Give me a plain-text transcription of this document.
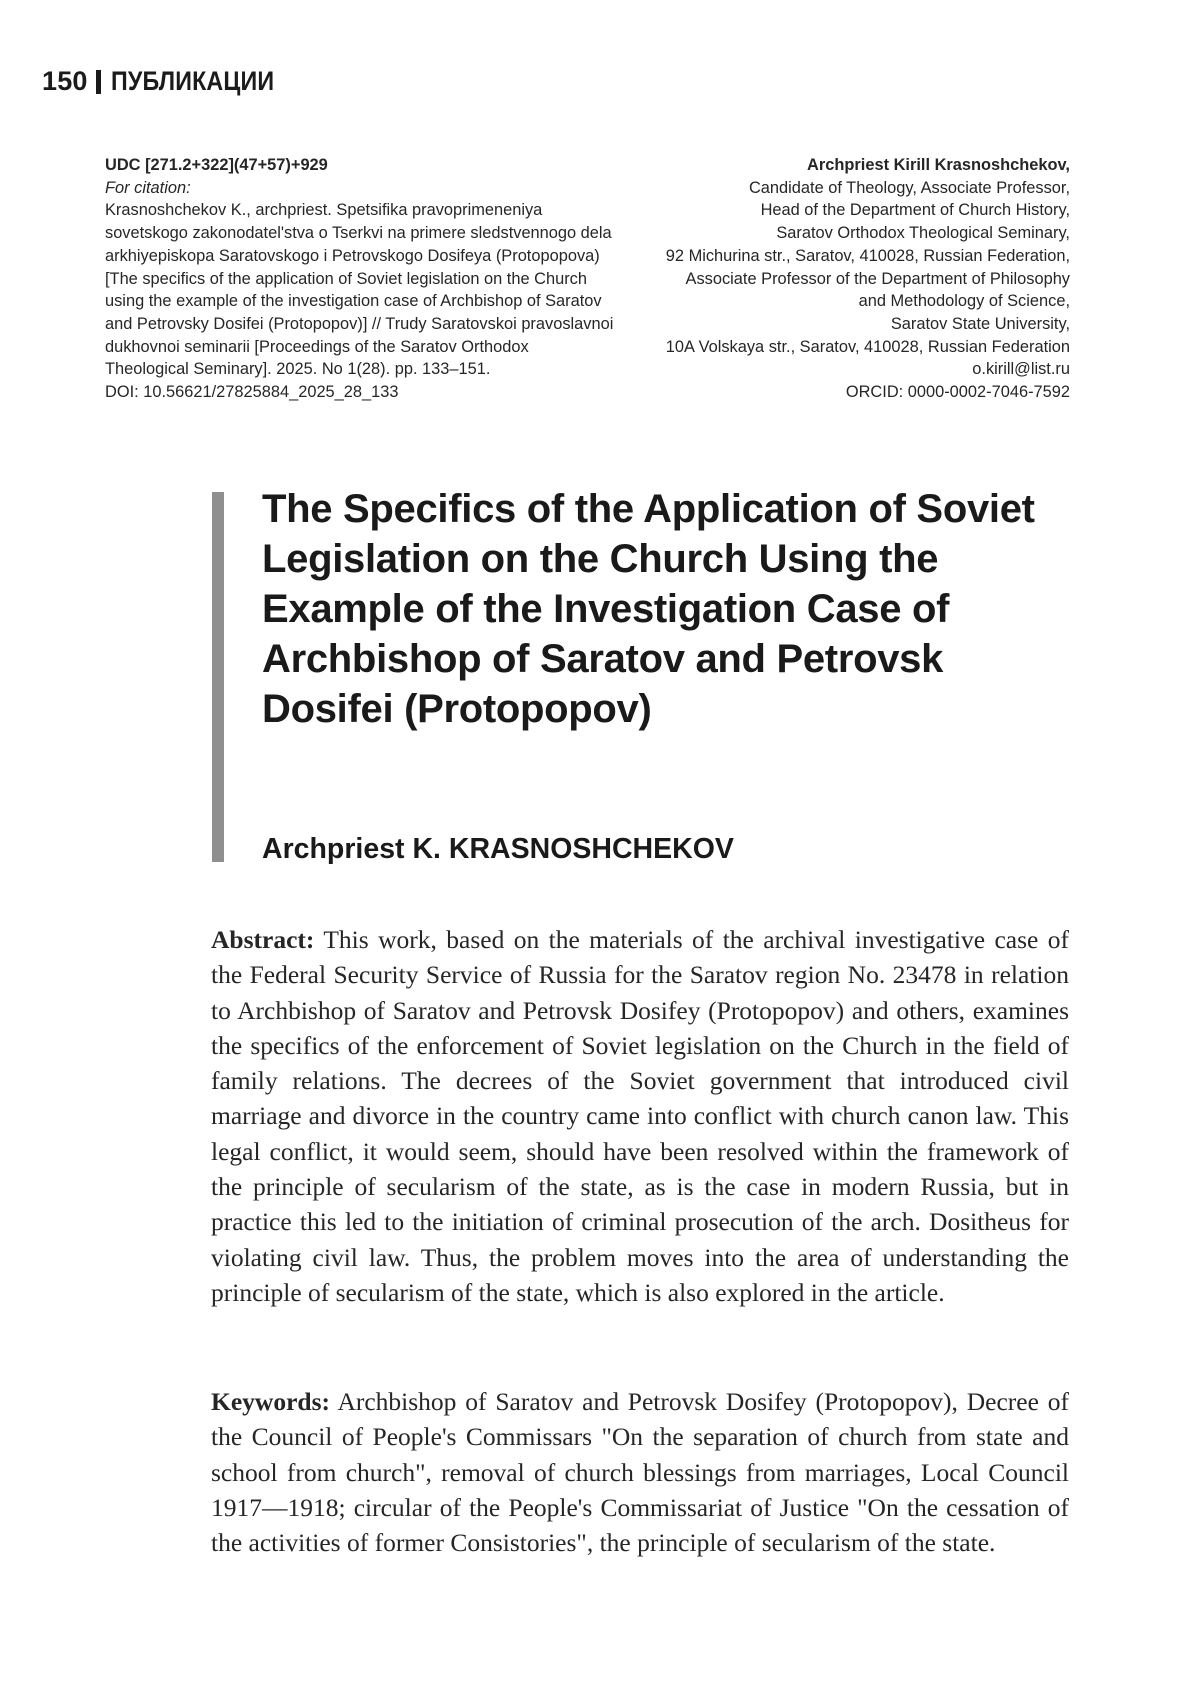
150 ПУБЛИКАЦИИ
UDC [271.2+322](47+57)+929
For citation:
Krasnoshchekov K., archpriest. Spetsifika pravoprimeneniya sovetskogo zakonodatel'stva o Tserkvi na primere sledstvennogo dela arkhiyepiskopa Saratovskogo i Petrovskogo Dosifeya (Protopopova) [The specifics of the application of Soviet legislation on the Church using the example of the investigation case of Archbishop of Saratov and Petrovsky Dosifei (Protopopov)] // Trudy Saratovskoi pravoslavnoi dukhovnoi seminarii [Proceedings of the Saratov Orthodox Theological Seminary]. 2025. No 1(28). pp. 133–151.
DOI: 10.56621/27825884_2025_28_133
Archpriest Kirill Krasnoshchekov,
Candidate of Theology, Associate Professor,
Head of the Department of Church History,
Saratov Orthodox Theological Seminary,
92 Michurina str., Saratov, 410028, Russian Federation,
Associate Professor of the Department of Philosophy
and Methodology of Science,
Saratov State University,
10A Volskaya str., Saratov, 410028, Russian Federation
o.kirill@list.ru
ORCID: 0000-0002-7046-7592
The Specifics of the Application of Soviet Legislation on the Church Using the Example of the Investigation Case of Archbishop of Saratov and Petrovsk Dosifei (Protopopov)
Archpriest K. KRASNOSHCHEKOV

Abstract: This work, based on the materials of the archival investigative case of the Federal Security Service of Russia for the Saratov region No. 23478 in relation to Archbishop of Saratov and Petrovsk Dosifey (Protopopov) and others, examines the specifics of the enforcement of Soviet legislation on the Church in the field of family relations. The decrees of the Soviet government that introduced civil marriage and divorce in the country came into conflict with church canon law. This legal conflict, it would seem, should have been resolved within the framework of the principle of secularism of the state, as is the case in modern Russia, but in practice this led to the initiation of criminal prosecution of the arch. Dositheus for violating civil law. Thus, the problem moves into the area of understanding the principle of secularism of the state, which is also explored in the article.

Keywords: Archbishop of Saratov and Petrovsk Dosifey (Protopopov), Decree of the Council of People's Commissars "On the separation of church from state and school from church", removal of church blessings from marriages, Local Council 1917—1918; circular of the People's Commissariat of Justice "On the cessation of the activities of former Consistories", the principle of secularism of the state.
